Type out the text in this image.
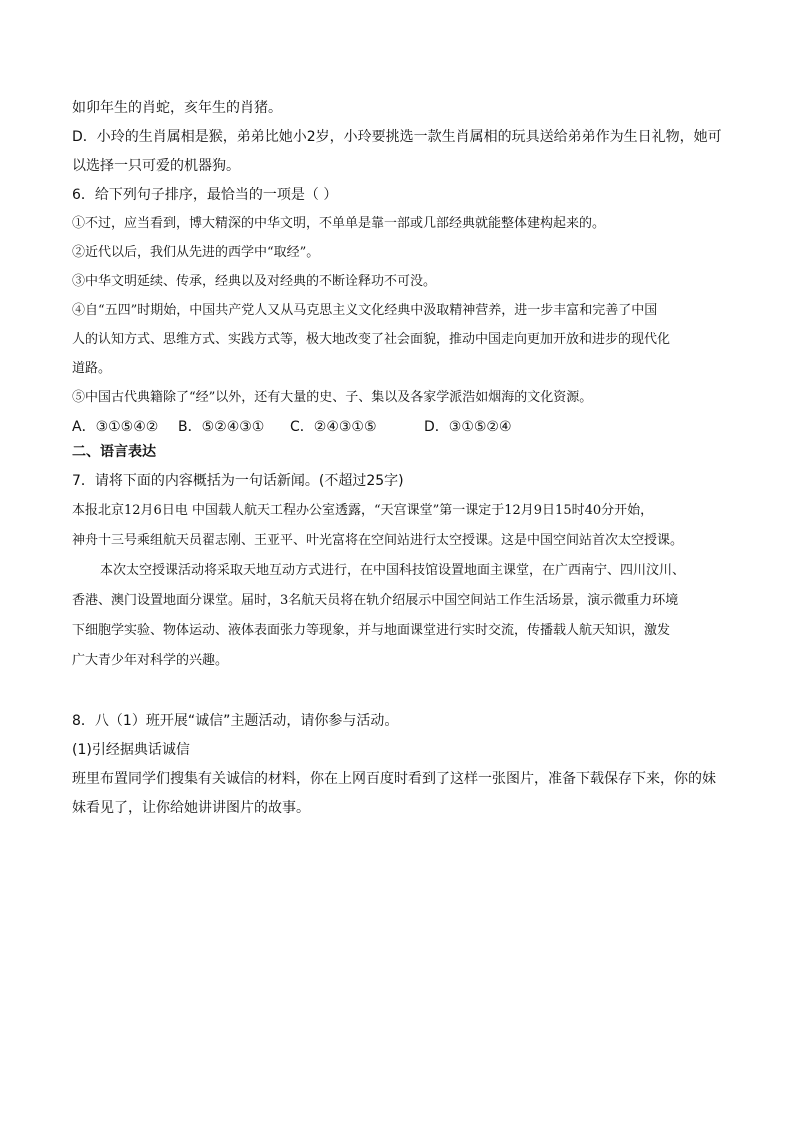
如卯年生的肖蛇，亥年生的肖猪。

D．小玲的生肖属相是猴，弟弟比她小2岁，小玲要挑选一款生肖属相的玩具送给弟弟作为生日礼物，她可

以选择一只可爱的机器狗。

6．给下列句子排序，最恰当的一项是（ ）

①不过，应当看到，博大精深的中华文明，不单单是靠一部或几部经典就能整体建构起来的。

②近代以后，我们从先进的西学中“取经”。

③中华文明延续、传承，经典以及对经典的不断诠释功不可没。

④自“五四”时期始，中国共产党人又从马克思主义文化经典中汲取精神营养，进一步丰富和完善了中国

人的认知方式、思维方式、实践方式等，极大地改变了社会面貌，推动中国走向更加开放和进步的现代化

道路。

⑤中国古代典籍除了“经”以外，还有大量的史、子、集以及各家学派浩如烟海的文化资源。

A．③①⑤④② B．⑤②④③① C．②④③①⑤	D．③①⑤②④

二、语言表达

7．请将下面的内容概括为一句话新闻。(不超过25字)

本报北京12月6日电 中国载人航天工程办公室透露，“天宫课堂”第一课定于12月9日15时40分开始，

神舟十三号乘组航天员翟志刚、王亚平、叶光富将在空间站进行太空授课。这是中国空间站首次太空授课。

本次太空授课活动将采取天地互动方式进行，在中国科技馆设置地面主课堂，在广西南宁、四川汶川、

香港、澳门设置地面分课堂。届时，3名航天员将在轨介绍展示中国空间站工作生活场景，演示微重力环境

下细胞学实验、物体运动、液体表面张力等现象，并与地面课堂进行实时交流，传播载人航天知识，激发

广大青少年对科学的兴趣。

8．八（1）班开展“诚信”主题活动，请你参与活动。

(1)引经据典话诚信

班里布置同学们搜集有关诚信的材料，你在上网百度时看到了这样一张图片，准备下载保存下来，你的妹

妹看见了，让你给她讲讲图片的故事。
